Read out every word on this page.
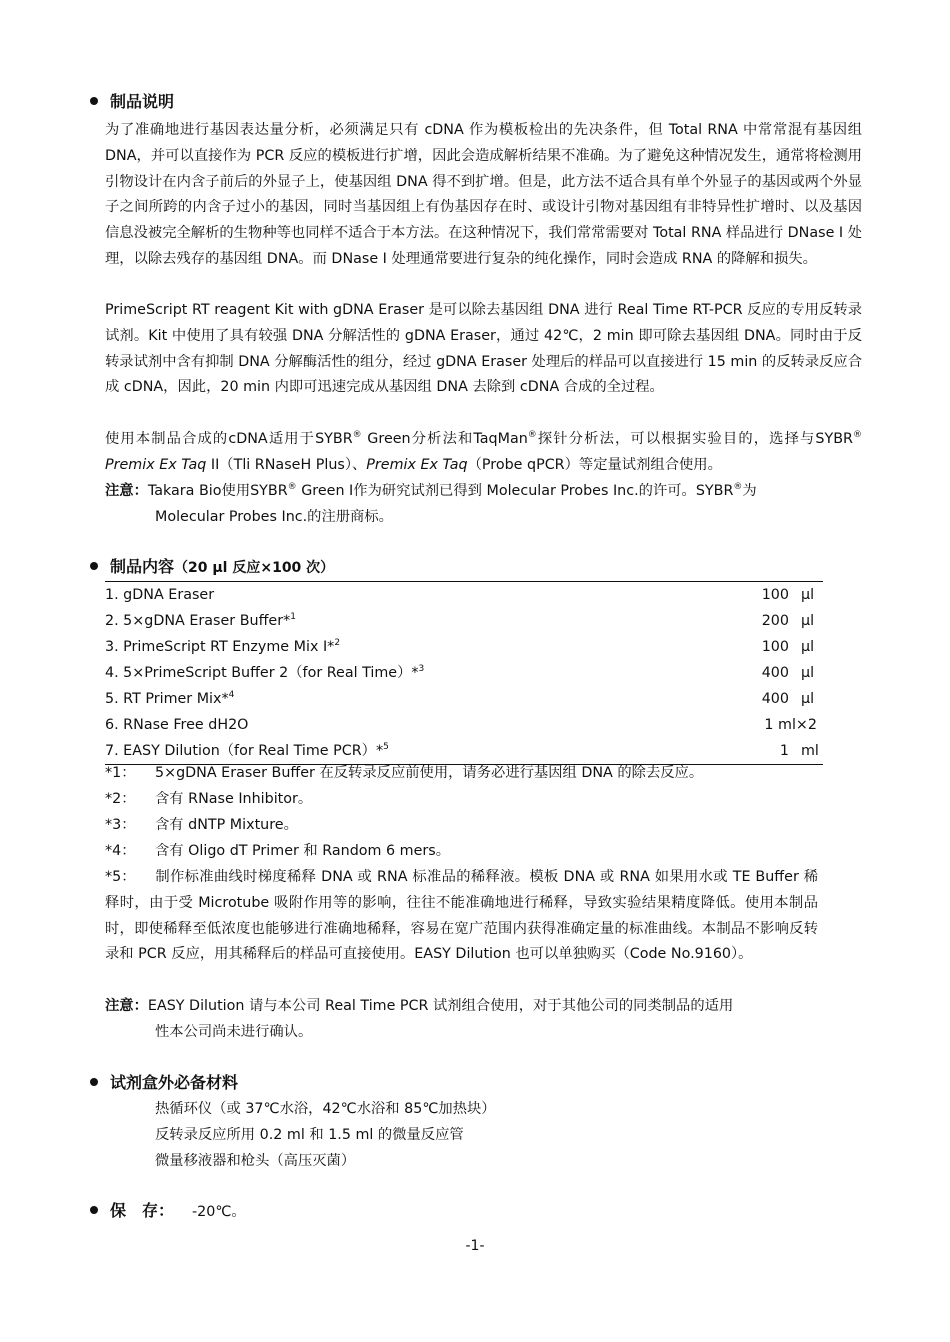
制品说明

为了准确地进行基因表达量分析，必须满足只有 cDNA 作为模板检出的先决条件，但 Total RNA 中常常混有基因组 DNA，并可以直接作为 PCR 反应的模板进行扩增，因此会造成解析结果不准确。为了避免这种情况发生，通常将检测用引物设计在内含子前后的外显子上，使基因组 DNA 得不到扩增。但是，此方法不适合具有单个外显子的基因或两个外显子之间所跨的内含子过小的基因，同时当基因组上有伪基因存在时、或设计引物对基因组有非特异性扩增时、以及基因信息没被完全解析的生物种等也同样不适合于本方法。在这种情况下，我们常常需要对 Total RNA 样品进行 DNase I 处理，以除去残存的基因组 DNA。而 DNase I 处理通常要进行复杂的纯化操作，同时会造成 RNA 的降解和损失。

PrimeScript RT reagent Kit with gDNA Eraser 是可以除去基因组 DNA 进行 Real Time RT-PCR 反应的专用反转录试剂。Kit 中使用了具有较强 DNA 分解活性的 gDNA Eraser，通过 42℃，2 min 即可除去基因组 DNA。同时由于反转录试剂中含有抑制 DNA 分解酶活性的组分，经过 gDNA Eraser 处理后的样品可以直接进行 15 min 的反转录反应合成 cDNA，因此，20 min 内即可迅速完成从基因组 DNA 去除到 cDNA 合成的全过程。

使用本制品合成的cDNA适用于SYBR® Green分析法和TaqMan®探针分析法，可以根据实验目的，选择与SYBR® Premix Ex Taq II（Tli RNaseH Plus）、Premix Ex Taq（Probe qPCR）等定量试剂组合使用。

注意：Takara Bio使用SYBR® Green I作为研究试剂已得到 Molecular Probes Inc.的许可。SYBR®为
Molecular Probes Inc.的注册商标。
制品内容（20 μl 反应×100 次）

1. gDNA Eraser	100	μl
2. 5×gDNA Eraser Buffer*$^1$	200	μl
3. PrimeScript RT Enzyme Mix I*$^2$	100	μl
4. 5×PrimeScript Buffer 2（for Real Time）*$^3$	400	μl
5. RT Primer Mix*$^4$	400	μl
6. RNase Free dH2O	1 ml×2	
7. EASY Dilution（for Real Time PCR）*$^5$	1	ml
*1： 5×gDNA Eraser Buffer 在反转录反应前使用，请务必进行基因组 DNA 的除去反应。
*2： 含有 RNase Inhibitor。
*3： 含有 dNTP Mixture。
*4： 含有 Oligo dT Primer 和 Random 6 mers。

*5： 制作标准曲线时梯度稀释 DNA 或 RNA 标准品的稀释液。模板 DNA 或 RNA 如果用水或 TE Buffer 稀释时，由于受 Microtube 吸附作用等的影响，往往不能准确地进行稀释，导致实验结果精度降低。使用本制品时，即使稀释至低浓度也能够进行准确地稀释，容易在宽广范围内获得准确定量的标准曲线。本制品不影响反转录和 PCR 反应，用其稀释后的样品可直接使用。EASY Dilution 也可以单独购买（Code No.9160）。

注意：EASY Dilution 请与本公司 Real Time PCR 试剂组合使用，对于其他公司的同类制品的适用
性本公司尚未进行确认。
试剂盒外必备材料
热循环仪（或 37℃水浴，42℃水浴和 85℃加热块）
反转录反应所用 0.2 ml 和 1.5 ml 的微量反应管
微量移液器和枪头（高压灭菌）
保　存： -20℃。
-1-
